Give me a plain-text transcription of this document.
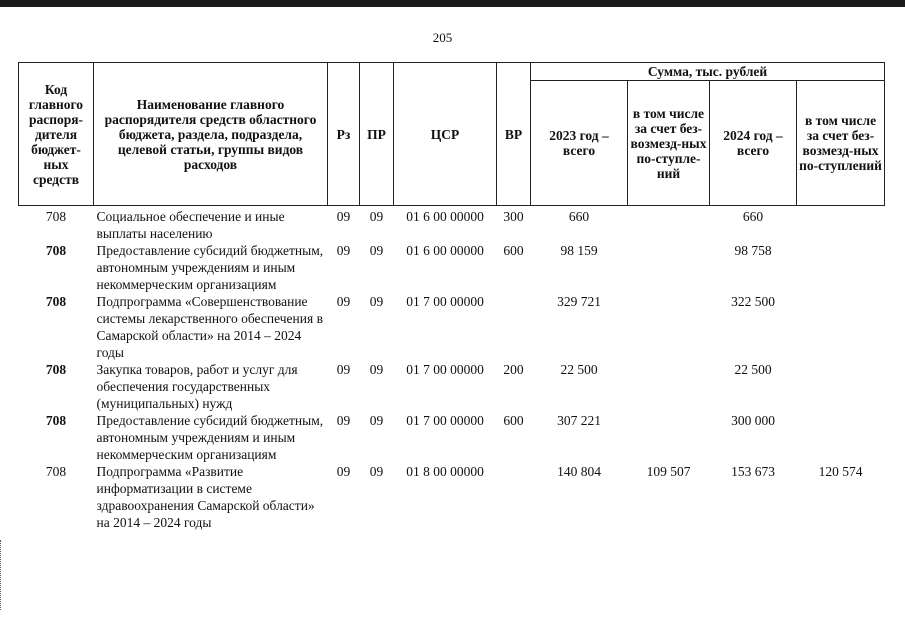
205
Код главного распоря-дителя бюджет-ных средств	Наименование главного распорядителя средств областного бюджета, раздела, подраздела, целевой статьи, группы видов расходов	Рз	ПР	ЦСР	ВР	Сумма, тыс. рублей			
						2023 год – всего	в том числе за счет без-возмезд-ных по-ступле-ний	2024 год – всего	в том числе за счет без-возмезд-ных по-ступлений
708	Социальное обеспечение и иные выплаты населению	09	09	01 6 00 00000	300	660		660	
708	Предоставление субсидий бюджетным, автономным учреждениям и иным некоммерческим организациям	09	09	01 6 00 00000	600	98 159		98 758	
708	Подпрограмма «Совершенствование системы лекарственного обеспечения в Самарской области» на 2014 – 2024 годы	09	09	01 7 00 00000		329 721		322 500	
708	Закупка товаров, работ и услуг для обеспечения государственных (муниципальных) нужд	09	09	01 7 00 00000	200	22 500		22 500	
708	Предоставление субсидий бюджетным, автономным учреждениям и иным некоммерческим организациям	09	09	01 7 00 00000	600	307 221		300 000	
708	Подпрограмма «Развитие информатизации в системе здравоохранения Самарской области» на 2014 – 2024 годы	09	09	01 8 00 00000		140 804	109 507	153 673	120 574
